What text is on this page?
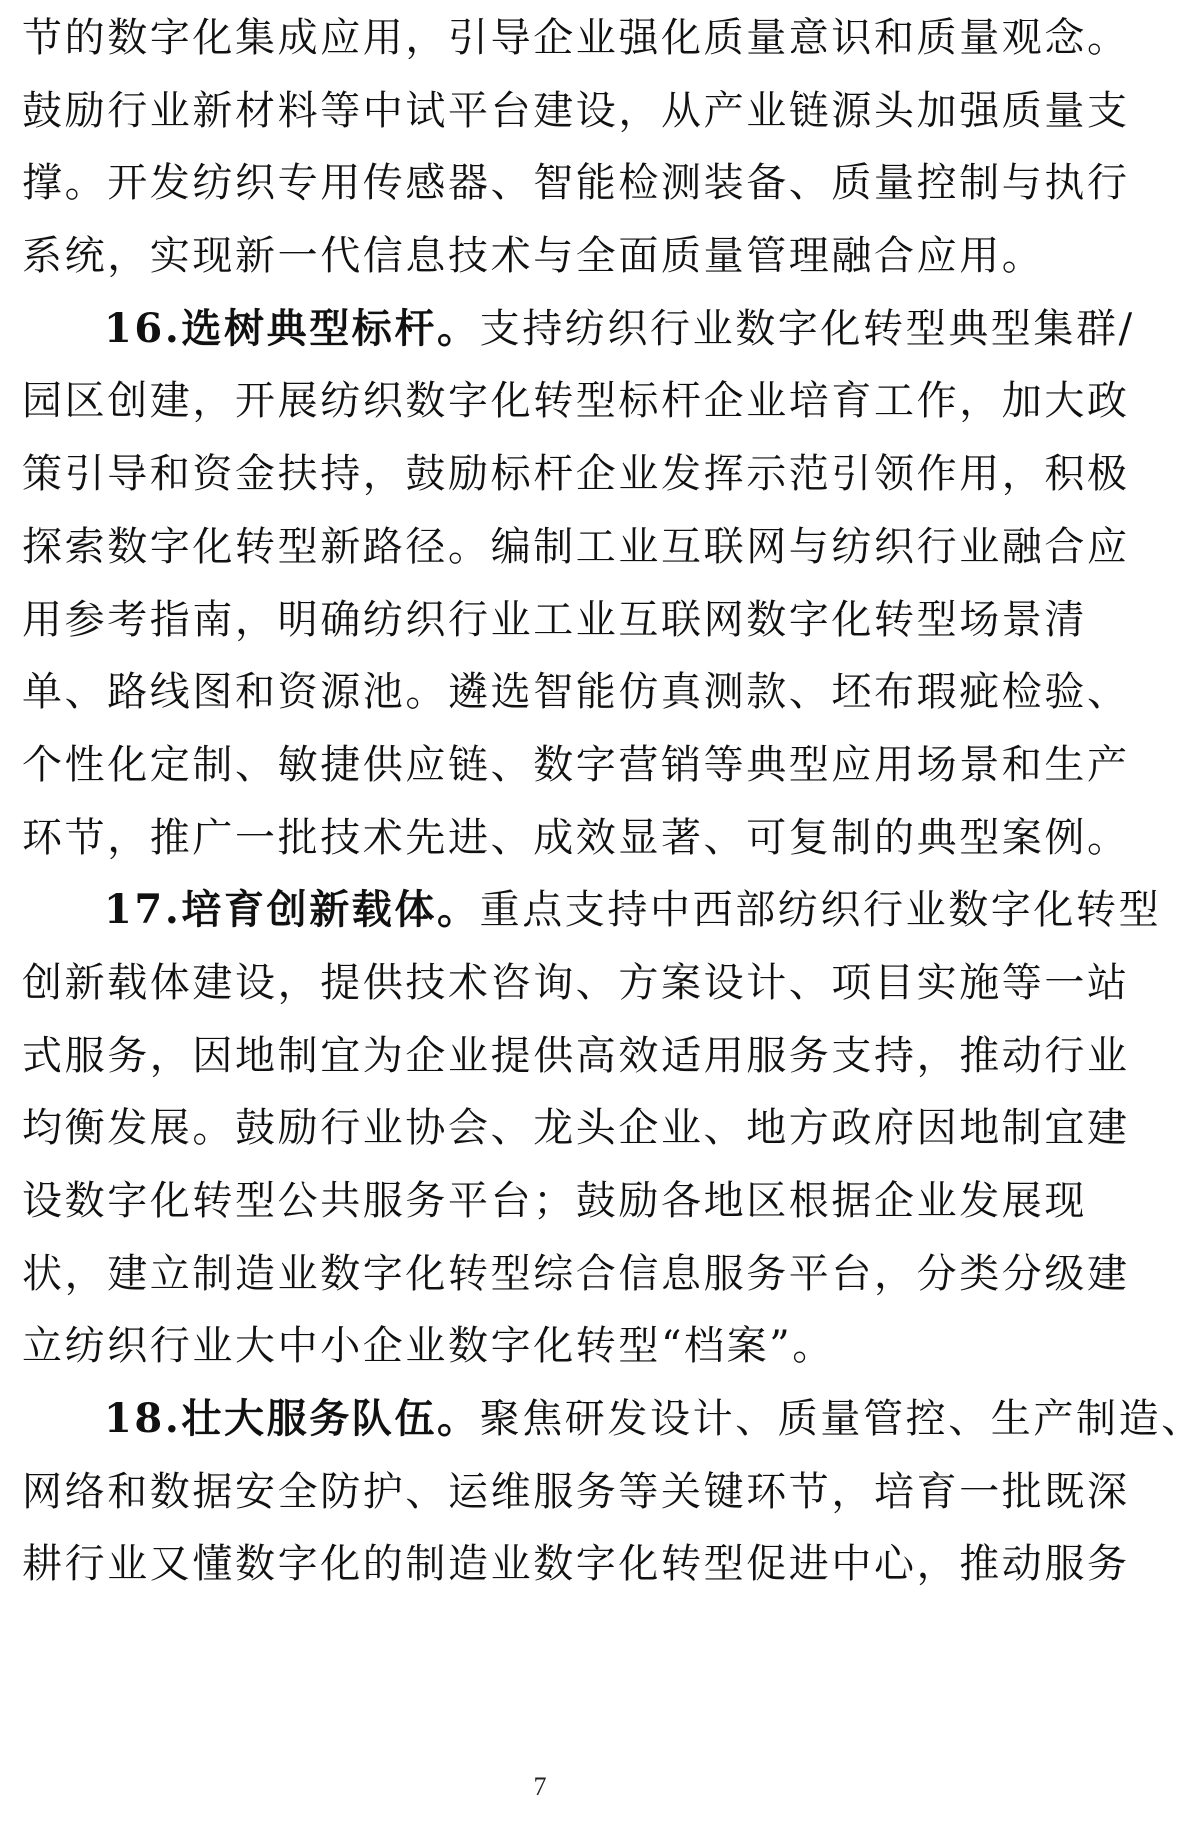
节的数字化集成应用，引导企业强化质量意识和质量观念。
鼓励行业新材料等中试平台建设，从产业链源头加强质量支
撑。开发纺织专用传感器、智能检测装备、质量控制与执行
系统，实现新一代信息技术与全面质量管理融合应用。
16.选树典型标杆。支持纺织行业数字化转型典型集群/
园区创建，开展纺织数字化转型标杆企业培育工作，加大政
策引导和资金扶持，鼓励标杆企业发挥示范引领作用，积极
探索数字化转型新路径。编制工业互联网与纺织行业融合应
用参考指南，明确纺织行业工业互联网数字化转型场景清
单、路线图和资源池。遴选智能仿真测款、坯布瑕疵检验、
个性化定制、敏捷供应链、数字营销等典型应用场景和生产
环节，推广一批技术先进、成效显著、可复制的典型案例。
17.培育创新载体。重点支持中西部纺织行业数字化转型
创新载体建设，提供技术咨询、方案设计、项目实施等一站
式服务，因地制宜为企业提供高效适用服务支持，推动行业
均衡发展。鼓励行业协会、龙头企业、地方政府因地制宜建
设数字化转型公共服务平台；鼓励各地区根据企业发展现
状，建立制造业数字化转型综合信息服务平台，分类分级建
立纺织行业大中小企业数字化转型“档案”。
18.壮大服务队伍。聚焦研发设计、质量管控、生产制造、
网络和数据安全防护、运维服务等关键环节，培育一批既深
耕行业又懂数字化的制造业数字化转型促进中心，推动服务
7
